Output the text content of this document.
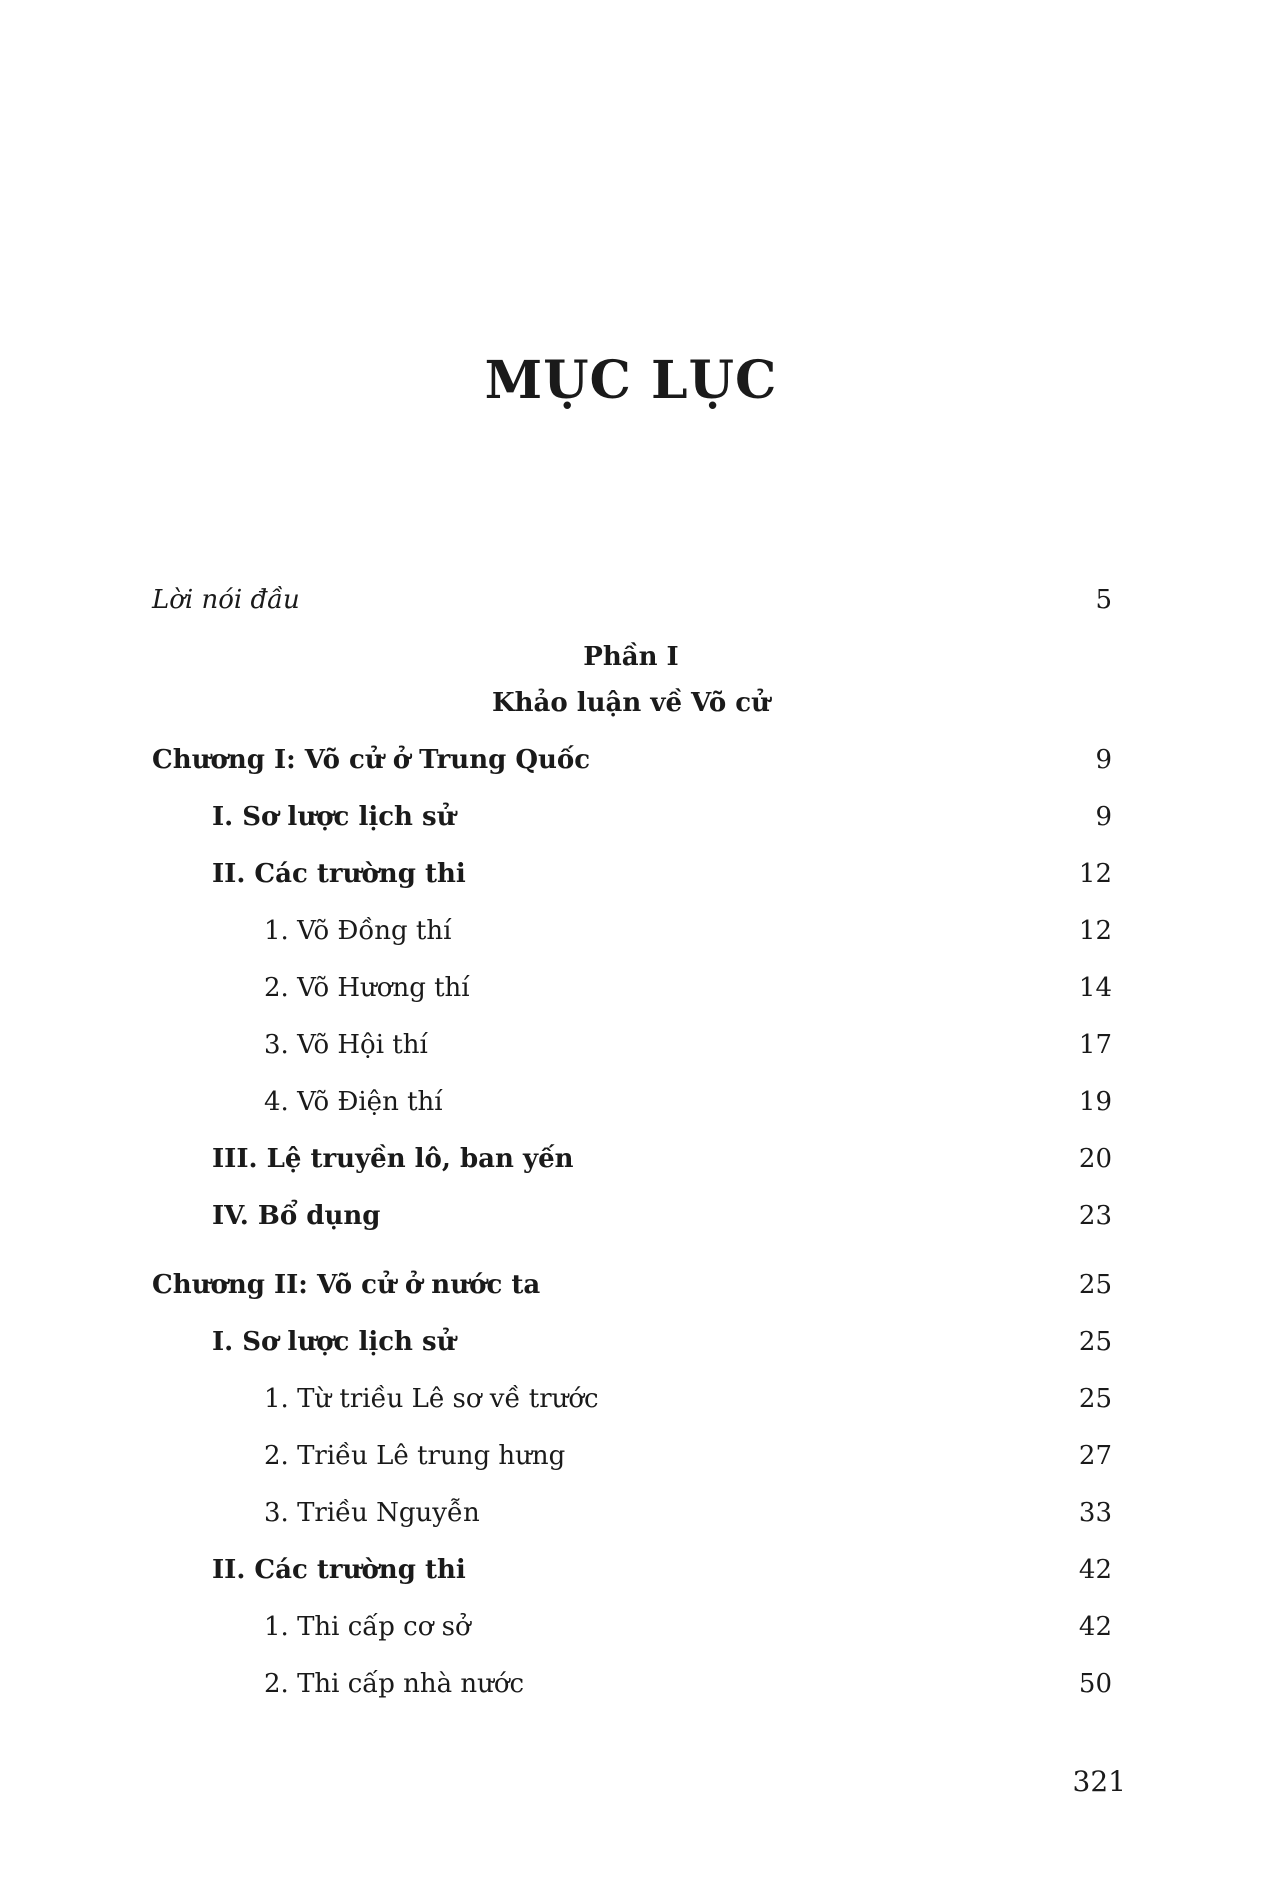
MỤC LỤC
Lời nói đầu	5
Phần I
Khảo luận về Võ cử
Chương I: Võ cử ở Trung Quốc	9
I. Sơ lược lịch sử	9
II. Các trường thi	12
1. Võ Đồng thí	12
2. Võ Hương thí	14
3. Võ Hội thí	17
4. Võ Điện thí	19
III. Lệ truyền lô, ban yến	20
IV. Bổ dụng	23
Chương II: Võ cử ở nước ta	25
I. Sơ lược lịch sử	25
1. Từ triều Lê sơ về trước	25
2. Triều Lê trung hưng	27
3. Triều Nguyễn	33
II. Các trường thi	42
1. Thi cấp cơ sở	42
2. Thi cấp nhà nước	50
321
